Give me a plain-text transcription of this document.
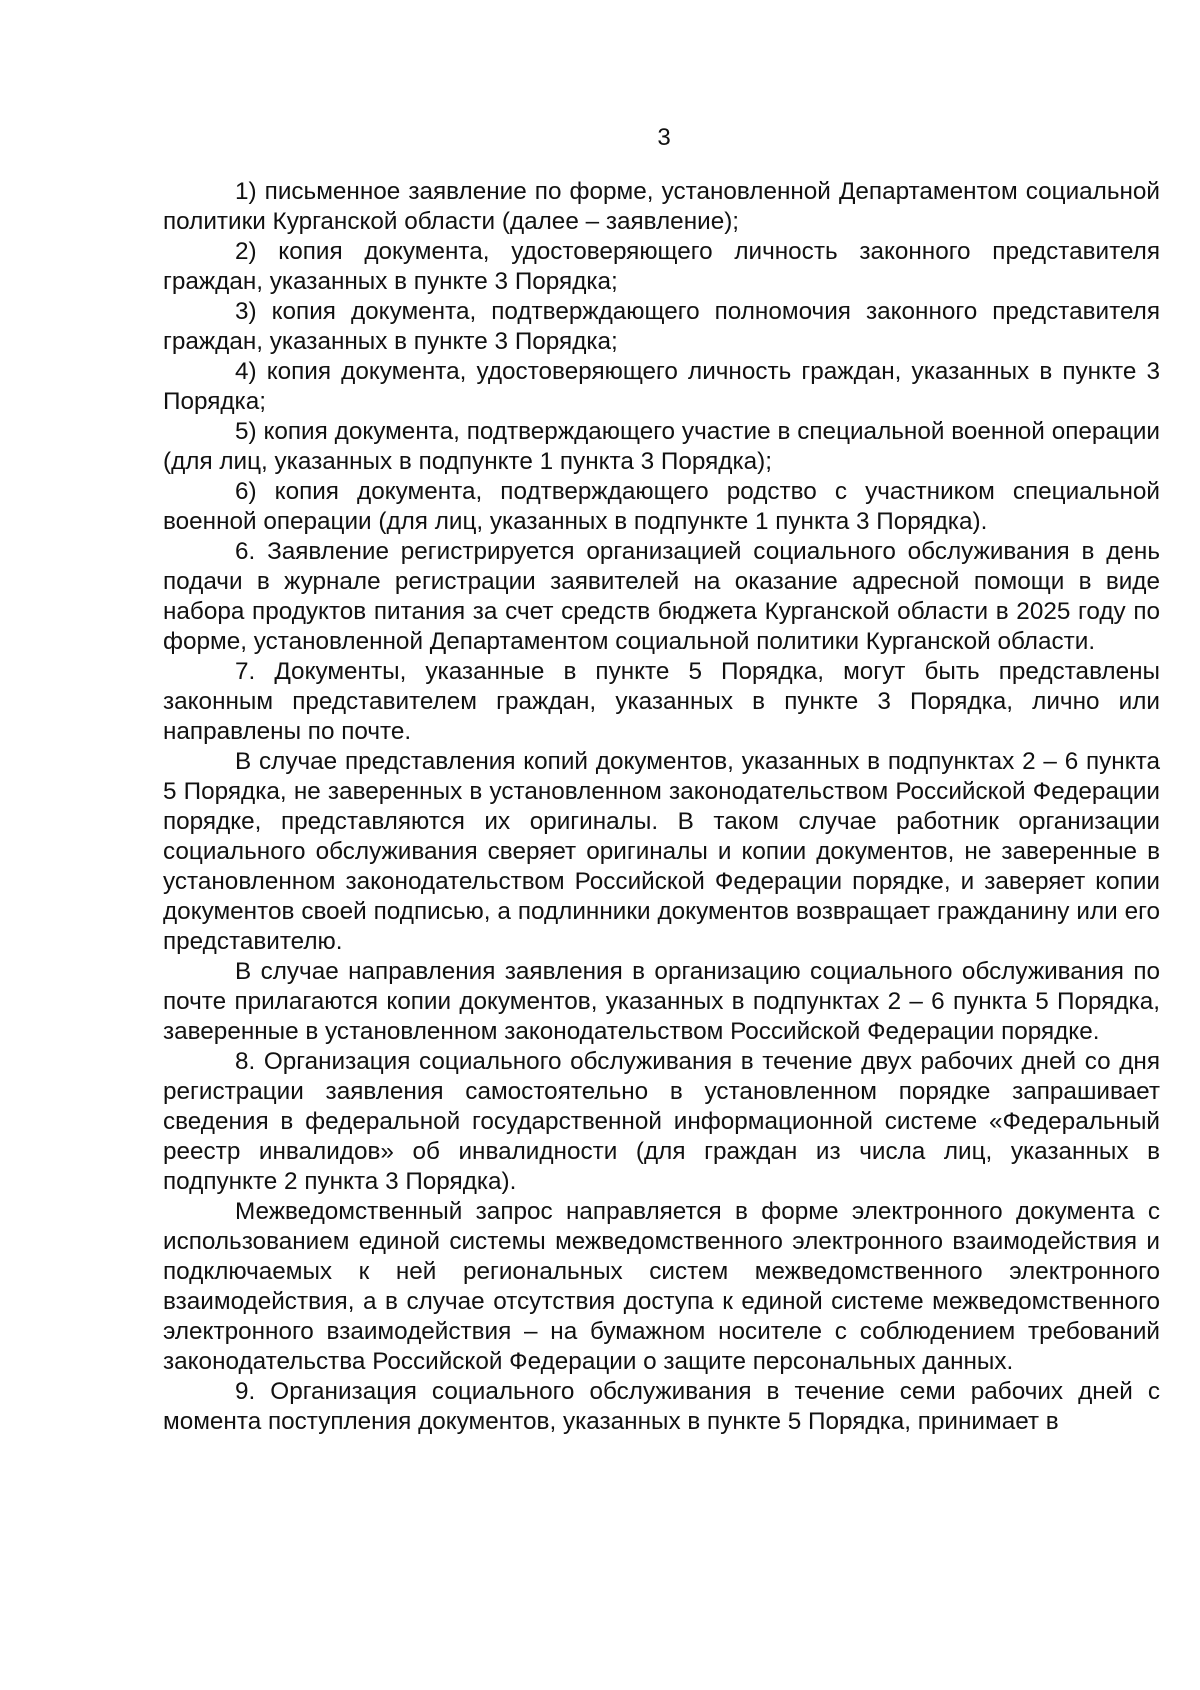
3

1) письменное заявление по форме, установленной Департаментом социальной политики Курганской области (далее – заявление);

2) копия документа, удостоверяющего личность законного представителя граждан, указанных в пункте 3 Порядка;

3) копия документа, подтверждающего полномочия законного представителя граждан, указанных в пункте 3 Порядка;

4) копия документа, удостоверяющего личность граждан, указанных в пункте 3 Порядка;

5) копия документа, подтверждающего участие в специальной военной операции (для лиц, указанных в подпункте 1 пункта 3 Порядка);

6) копия документа, подтверждающего родство с участником специальной военной операции (для лиц, указанных в подпункте 1 пункта 3 Порядка).

6. Заявление регистрируется организацией социального обслуживания в день подачи в журнале регистрации заявителей на оказание адресной помощи в виде набора продуктов питания за счет средств бюджета Курганской области в 2025 году по форме, установленной Департаментом социальной политики Курганской области.

7. Документы, указанные в пункте 5 Порядка, могут быть представлены законным представителем граждан, указанных в пункте 3 Порядка, лично или направлены по почте.

В случае представления копий документов, указанных в подпунктах 2 – 6 пункта 5 Порядка, не заверенных в установленном законодательством Российской Федерации порядке, представляются их оригиналы. В таком случае работник организации социального обслуживания сверяет оригиналы и копии документов, не заверенные в установленном законодательством Российской Федерации порядке, и заверяет копии документов своей подписью, а подлинники документов возвращает гражданину или его представителю.

В случае направления заявления в организацию социального обслуживания по почте прилагаются копии документов, указанных в подпунктах 2 – 6 пункта 5 Порядка, заверенные в установленном законодательством Российской Федерации порядке.

8. Организация социального обслуживания в течение двух рабочих дней со дня регистрации заявления самостоятельно в установленном порядке запрашивает сведения в федеральной государственной информационной системе «Федеральный реестр инвалидов» об инвалидности (для граждан из числа лиц, указанных в подпункте 2 пункта 3 Порядка).

Межведомственный запрос направляется в форме электронного документа с использованием единой системы межведомственного электронного взаимодействия и подключаемых к ней региональных систем межведомственного электронного взаимодействия, а в случае отсутствия доступа к единой системе межведомственного электронного взаимодействия – на бумажном носителе с соблюдением требований законодательства Российской Федерации о защите персональных данных.

9. Организация социального обслуживания в течение семи рабочих дней с момента поступления документов, указанных в пункте 5 Порядка, принимает в
